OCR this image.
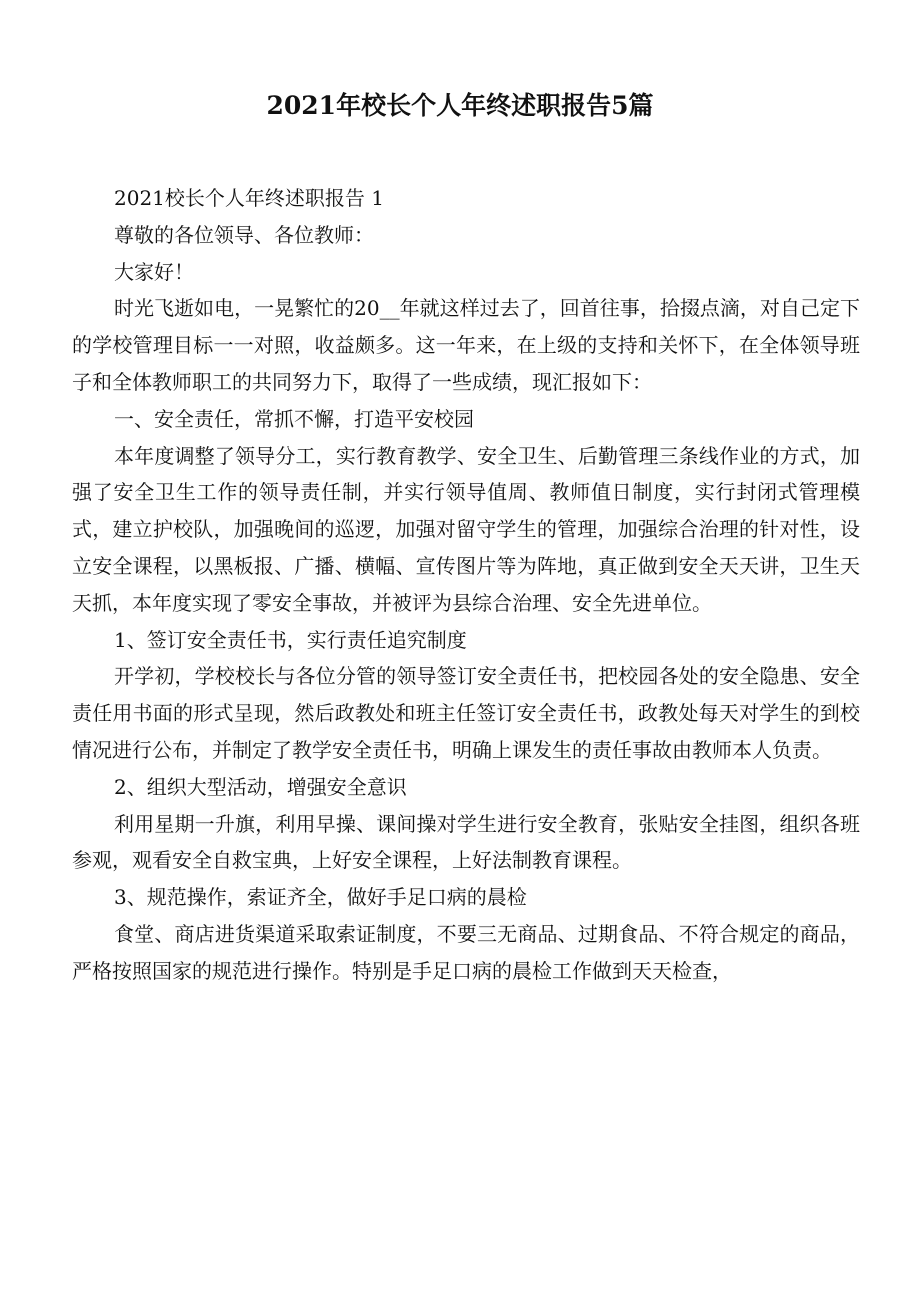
2021年校长个人年终述职报告5篇

2021校长个人年终述职报告 1

尊敬的各位领导、各位教师：

大家好！

时光飞逝如电，一晃繁忙的20__年就这样过去了，回首往事，拾掇点滴，对自己定下的学校管理目标一一对照，收益颇多。这一年来，在上级的支持和关怀下，在全体领导班子和全体教师职工的共同努力下，取得了一些成绩，现汇报如下：

一、安全责任，常抓不懈，打造平安校园

本年度调整了领导分工，实行教育教学、安全卫生、后勤管理三条线作业的方式，加强了安全卫生工作的领导责任制，并实行领导值周、教师值日制度，实行封闭式管理模式，建立护校队，加强晚间的巡逻，加强对留守学生的管理，加强综合治理的针对性，设立安全课程，以黑板报、广播、横幅、宣传图片等为阵地，真正做到安全天天讲，卫生天天抓，本年度实现了零安全事故，并被评为县综合治理、安全先进单位。

1、签订安全责任书，实行责任追究制度

开学初，学校校长与各位分管的领导签订安全责任书，把校园各处的安全隐患、安全责任用书面的形式呈现，然后政教处和班主任签订安全责任书，政教处每天对学生的到校情况进行公布，并制定了教学安全责任书，明确上课发生的责任事故由教师本人负责。

2、组织大型活动，增强安全意识

利用星期一升旗，利用早操、课间操对学生进行安全教育，张贴安全挂图，组织各班参观，观看安全自救宝典，上好安全课程，上好法制教育课程。

3、规范操作，索证齐全，做好手足口病的晨检

食堂、商店进货渠道采取索证制度，不要三无商品、过期食品、不符合规定的商品，严格按照国家的规范进行操作。特别是手足口病的晨检工作做到天天检查，
